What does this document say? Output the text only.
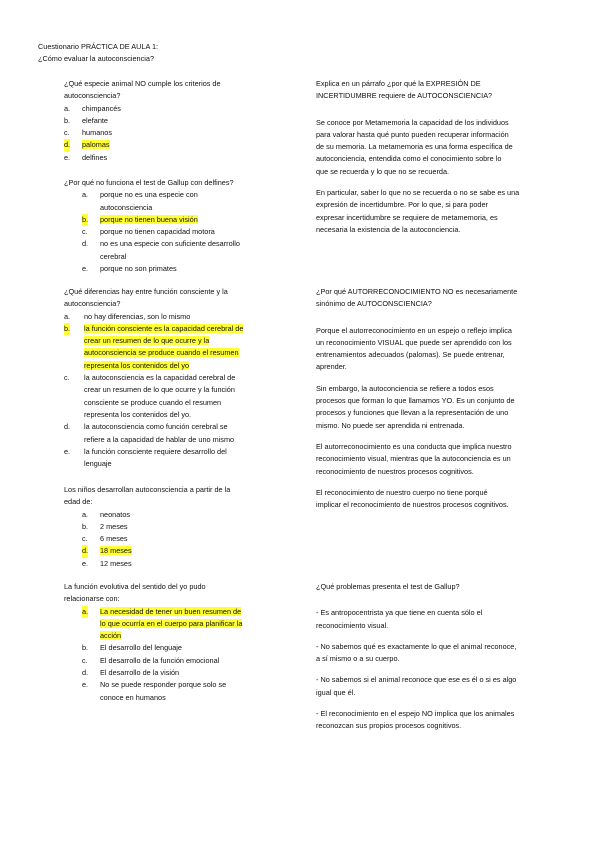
Cuestionario PRÁCTICA DE AULA 1:
¿Cómo evaluar la autoconsciencia?
¿Qué especie animal NO cumple los criterios de
autoconsciencia?
a.	chimpancés
b.	elefante
c.	humanos
d.	palomas
e.	delfines
¿Por qué no funciona el test de Gallup con delfines?
a.	porque no es una especie con
autoconsciencia
b.	porque no tienen buena visión
c.	porque no tienen capacidad motora
d.	no es una especie con suficiente desarrollo
cerebral
e.	porque no son primates
¿Qué diferencias hay entre función consciente y la
autoconsciencia?
a.	no hay diferencias, son lo mismo
b.	la función consciente es la capacidad cerebral de
crear un resumen de lo que ocurre y la
autoconsciencia se produce cuando el resumen
representa los contenidos del yo
c.	la autoconsciencia es la capacidad cerebral de
crear un resumen de lo que ocurre y la función
consciente se produce cuando el resumen
representa los contenidos del yo.
d.	la autoconsciencia como función cerebral se
refiere a la capacidad de hablar de uno mismo
e.	la función consciente requiere desarrollo del
lenguaje
Los niños desarrollan autoconsciencia a partir de la
edad de:
a.	neonatos
b.	2 meses
c.	6 meses
d.	18 meses
e.	12 meses
La función evolutiva del sentido del yo pudo
relacionarse con:
a.	La necesidad de tener un buen resumen de
lo que ocurría en el cuerpo para planificar la
acción
b.	El desarrollo del lenguaje
c.	El desarrollo de la función emocional
d.	El desarrollo de la visión
e.	No se puede responder porque solo se
conoce en humanos
Explica en un párrafo ¿por qué la EXPRESIÓN DE
INCERTIDUMBRE requiere de AUTOCONSCIENCIA?
Se conoce por Metamemoria la capacidad de los individuos
para valorar hasta qué punto pueden recuperar información
de su memoria. La metamemoria es una forma específica de
autoconciencia, entendida como el conocimiento sobre lo
que se recuerda y lo que no se recuerda.
En particular, saber lo que no se recuerda o no se sabe es una
expresión de incertidumbre. Por lo que, si para poder
expresar incertidumbre se requiere de metamemoria, es
necesaria la existencia de la autoconciencia.
¿Por qué AUTORRECONOCIMIENTO NO es necesariamente
sinónimo de AUTOCONSCIENCIA?
Porque el autorreconocimiento en un espejo o reflejo implica
un reconocimiento VISUAL que puede ser aprendido con los
entrenamientos adecuados (palomas). Se puede entrenar,
aprender.
Sin embargo, la autoconciencia se refiere a todos esos
procesos que forman lo que llamamos YO. Es un conjunto de
procesos y funciones que llevan a la representación de uno
mismo. No puede ser aprendida ni entrenada.
El autorreconocimiento es una conducta que implica nuestro
reconocimiento visual, mientras que la autoconciencia es un
reconocimiento de nuestros procesos cognitivos.
El reconocimiento de nuestro cuerpo no tiene porqué
implicar el reconocimiento de nuestros procesos cognitivos.
¿Qué problemas presenta el test de Gallup?
- Es antropocentrista ya que tiene en cuenta sólo el
reconocimiento visual.
- No sabemos qué es exactamente lo que el animal reconoce,
a sí mismo o a su cuerpo.
- No sabemos si el animal reconoce que ese es él o si es algo
igual que él.
- El reconocimiento en el espejo NO implica que los animales
reconozcan sus propios procesos cognitivos.
